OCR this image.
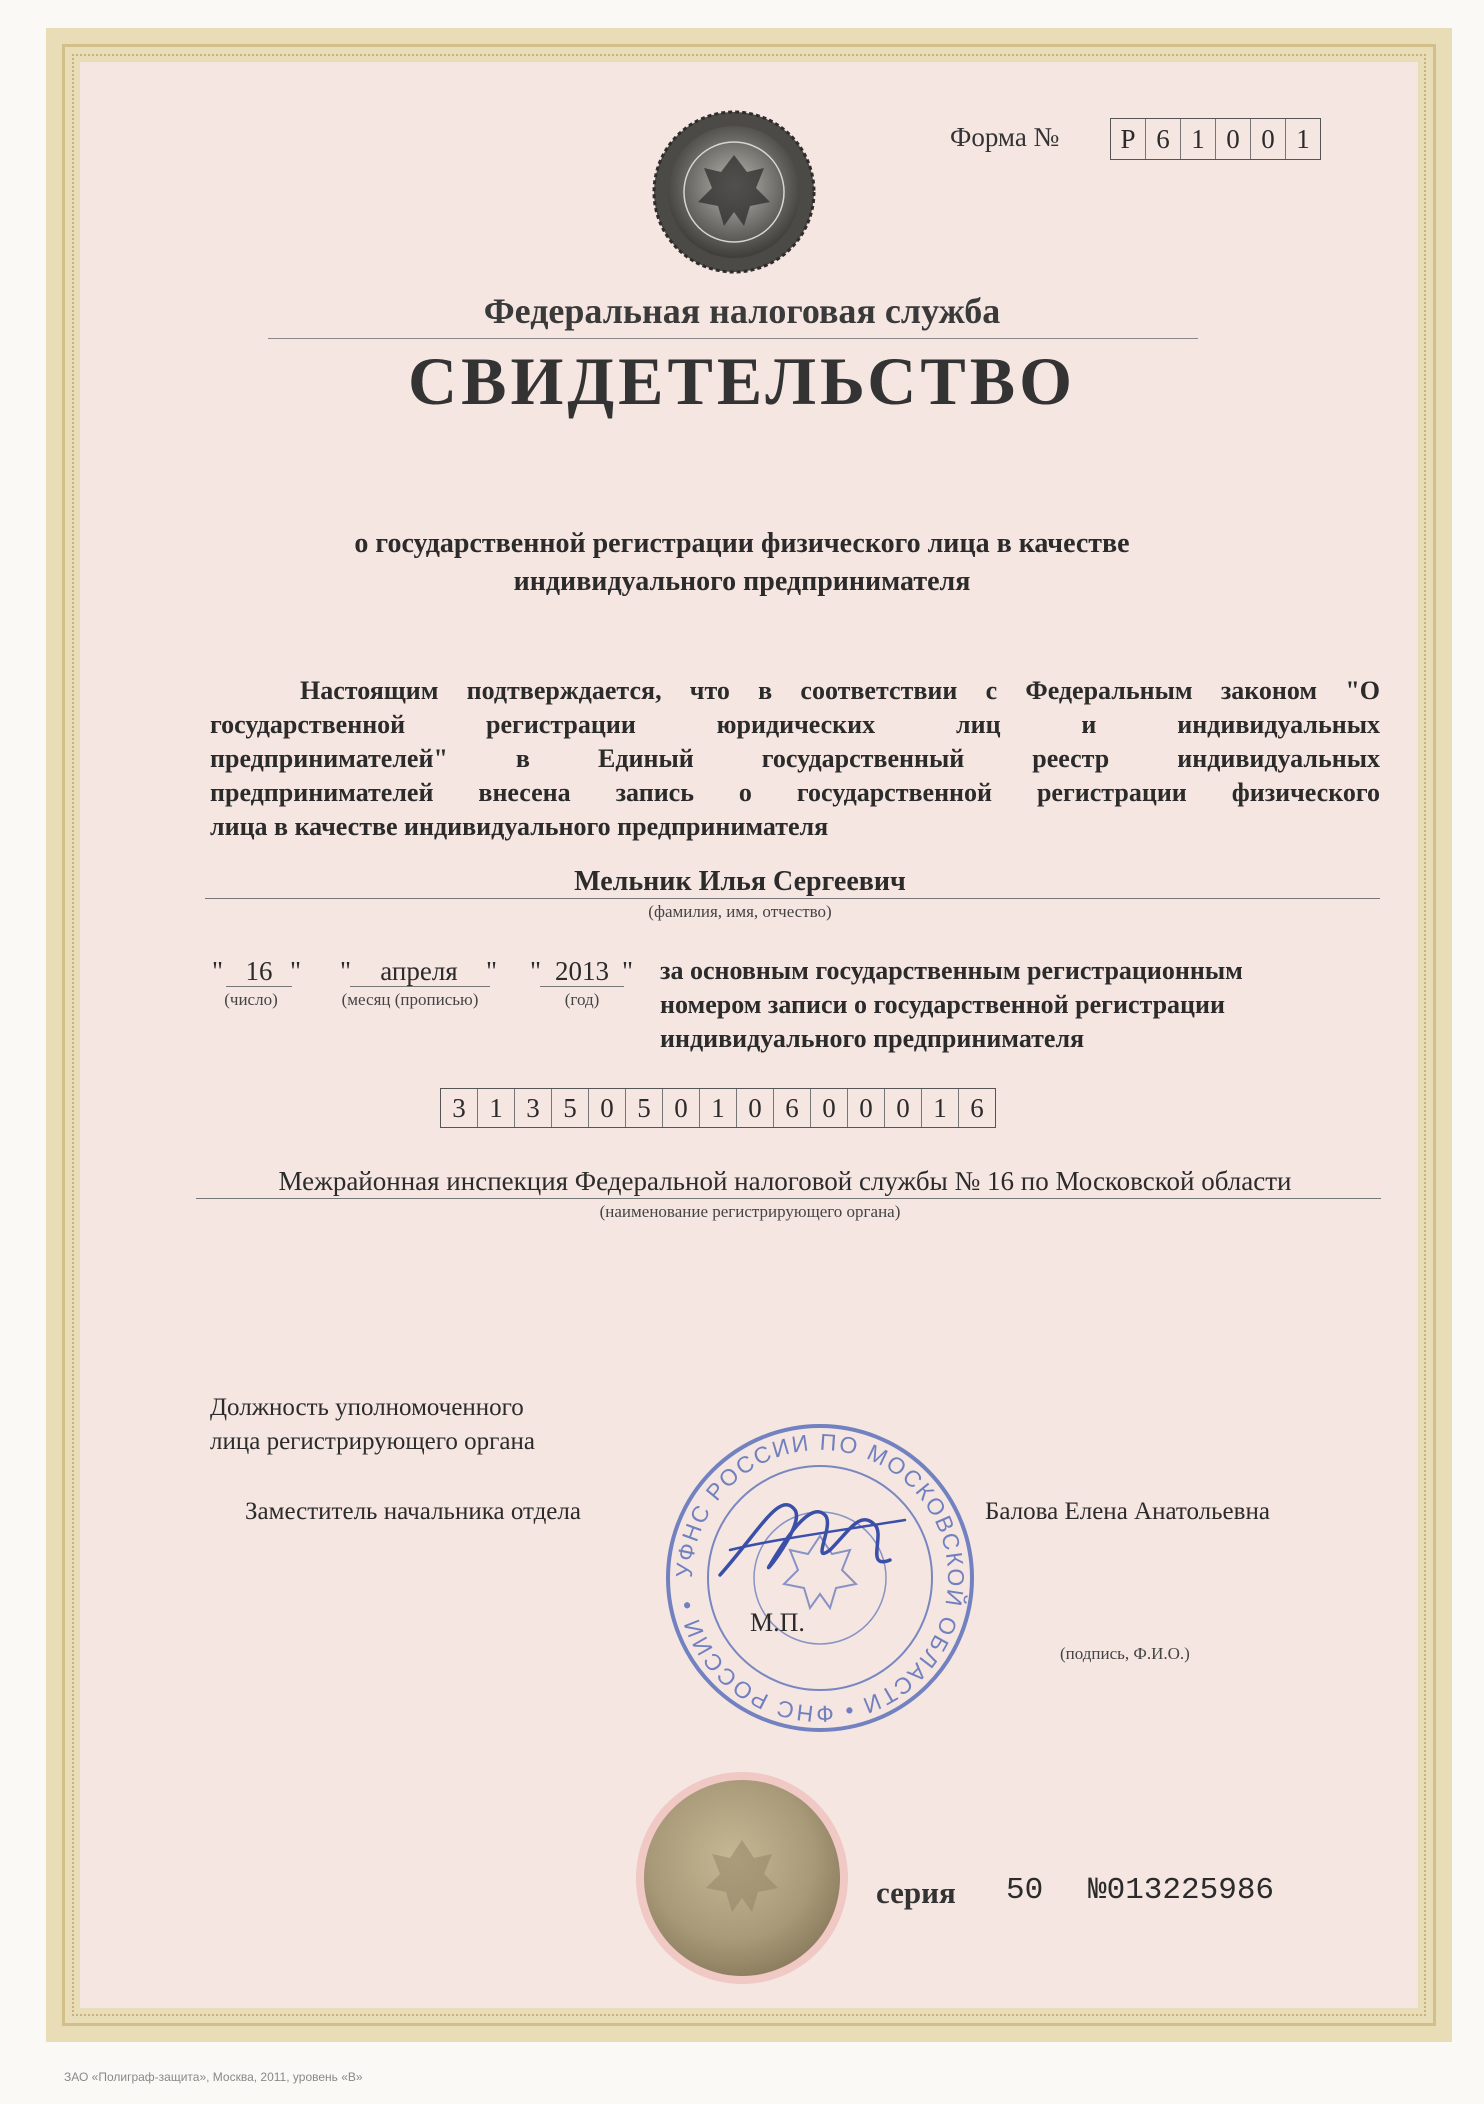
Форма №	Р 6 1 0 0 1
Федеральная налоговая служба
СВИДЕТЕЛЬСТВО
о государственной регистрации физического лица в качестве
индивидуального предпринимателя
Настоящим подтверждается, что в соответствии с Федеральным законом "О
государственной регистрации юридических лиц и индивидуальных
предпринимателей" в Единый государственный реестр индивидуальных
предпринимателей внесена запись о государственной регистрации физического
лица в качестве индивидуального предпринимателя
Мельник Илья Сергеевич
(фамилия, имя, отчество)
" 16 "
(число)
"	апреля	"
(месяц (прописью)
" 2013 "
(год)
за основным государственным регистрационным
номером записи о государственной регистрации
индивидуального предпринимателя
3 1 3 5 0 5 0 1 0 6 0 0 0 1 6
Межрайонная инспекция Федеральной налоговой службы № 16 по Московской области
(наименование регистрирующего органа)
Должность уполномоченного
лица регистрирующего органа
Заместитель начальника отдела	Балова Елена Анатольевна
(подпись, Ф.И.О.)
УФНС РОССИИ ПО МОСКОВСКОЙ ОБЛАСТИ • ФНС РОССИИ •
М.П.
серия 50 №013225986
ЗАО «Полиграф-защита», Москва, 2011, уровень «В»
